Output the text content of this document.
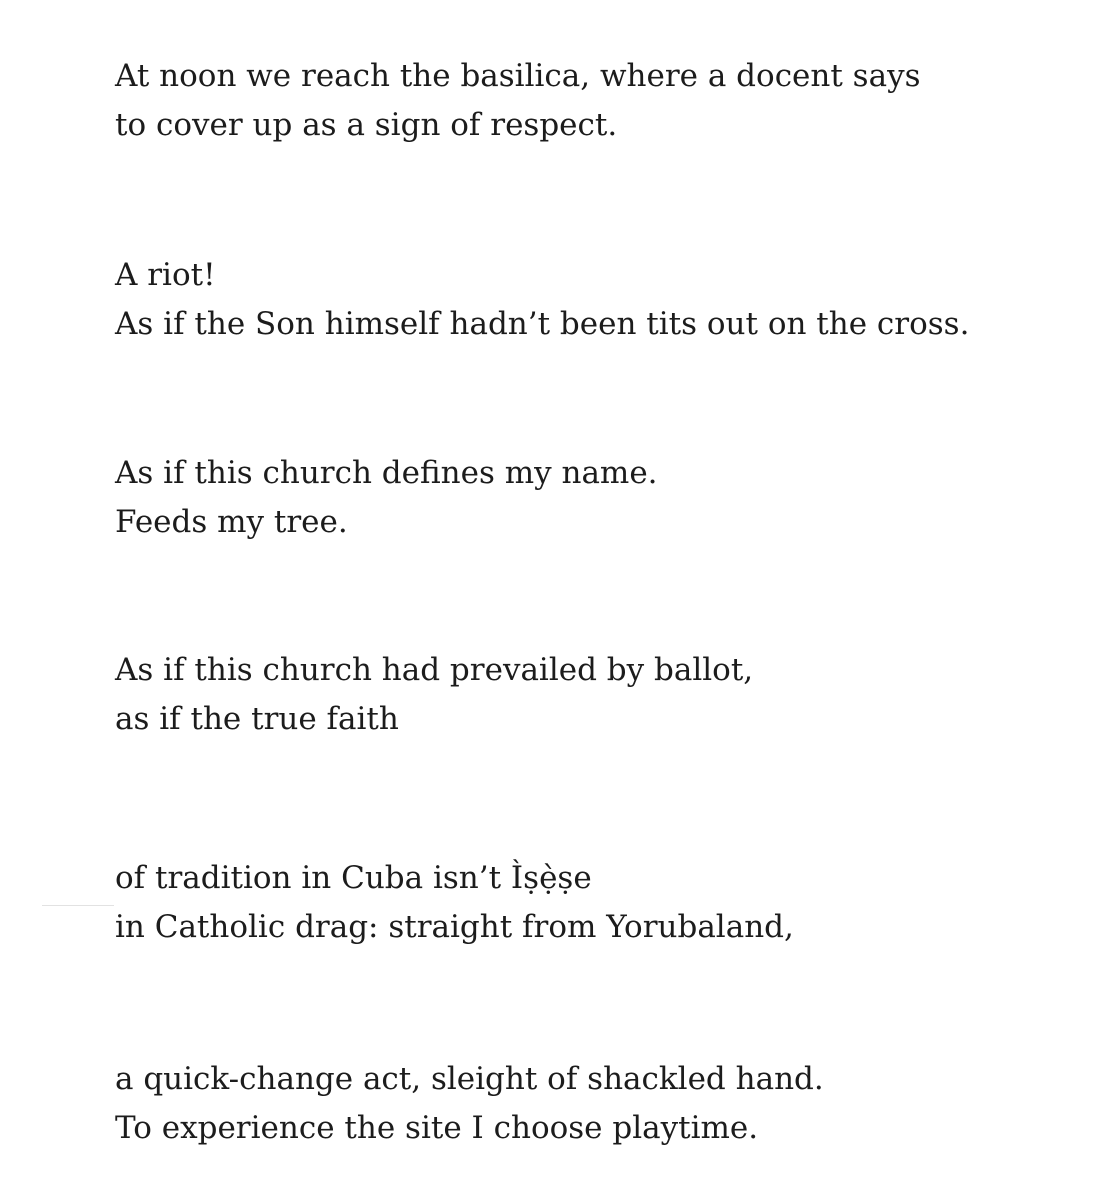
At noon we reach the basilica, where a docent says
to cover up as a sign of respect.
A riot!
As if the Son himself hadn’t been tits out on the cross.
As if this church defines my name.
Feeds my tree.
As if this church had prevailed by ballot,
as if the true faith
of tradition in Cuba isn’t Ìṣẹ̀ṣe
in Catholic drag: straight from Yorubaland,
a quick-change act, sleight of shackled hand.
To experience the site I choose playtime.
